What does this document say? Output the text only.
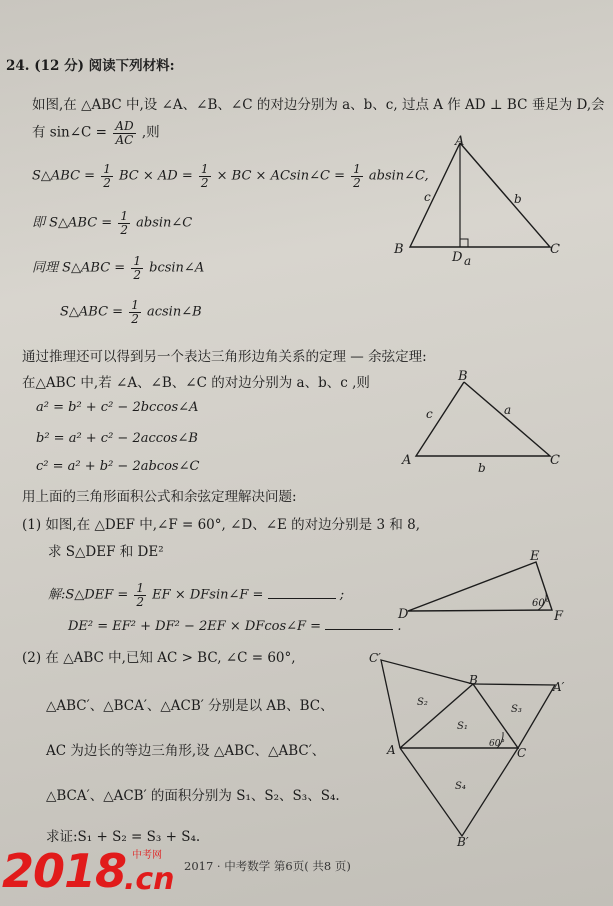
24. (12 分) 阅读下列材料:
如图,在 △ABC 中,设 ∠A、∠B、∠C 的对边分别为 a、b、c, 过点 A 作 AD ⊥ BC 垂足为 D,会
有 sin∠C = $\frac{AD}{AC}$ ,则
S△ABC = $\frac{1}{2}$ BC × AD = $\frac{1}{2}$ × BC × ACsin∠C = $\frac{1}{2}$ absin∠C,
即 S△ABC = $\frac{1}{2}$ absin∠C
同理 S△ABC = $\frac{1}{2}$ bcsin∠A
S△ABC = $\frac{1}{2}$ acsin∠B
A
B	C
D a
b
c
通过推理还可以得到另一个表达三角形边角关系的定理 — 余弦定理:
在△ABC 中,若 ∠A、∠B、∠C 的对边分别为 a、b、c ,则
a² = b² + c² − 2bccos∠A
b² = a² + c² − 2accos∠B
c² = a² + b² − 2abcos∠C
B
A	C
a
b
c
用上面的三角形面积公式和余弦定理解决问题:
(1) 如图,在 △DEF 中,∠F = 60°, ∠D、∠E 的对边分别是 3 和 8,
求 S△DEF 和 DE²
解:S△DEF = $\frac{1}{2}$ EF × DFsin∠F =	;
DE² = EF² + DF² − 2EF × DFcos∠F =	.
E
D	F
60°
(2) 在 △ABC 中,已知 AC > BC, ∠C = 60°,
△ABC′、△BCA′、△ACB′ 分别是以 AB、BC、
AC 为边长的等边三角形,设 △ABC、△ABC′、
△BCA′、△ACB′ 的面积分别为 S₁、S₂、S₃、S₄.
求证:S₁ + S₂ = S₃ + S₄.
C′
B	A′
A	C
B′
S₁
S₂
S₃
S₄
60°
2017 · 中考数学 第6页( 共8 页)
2018 中考网
.cn
